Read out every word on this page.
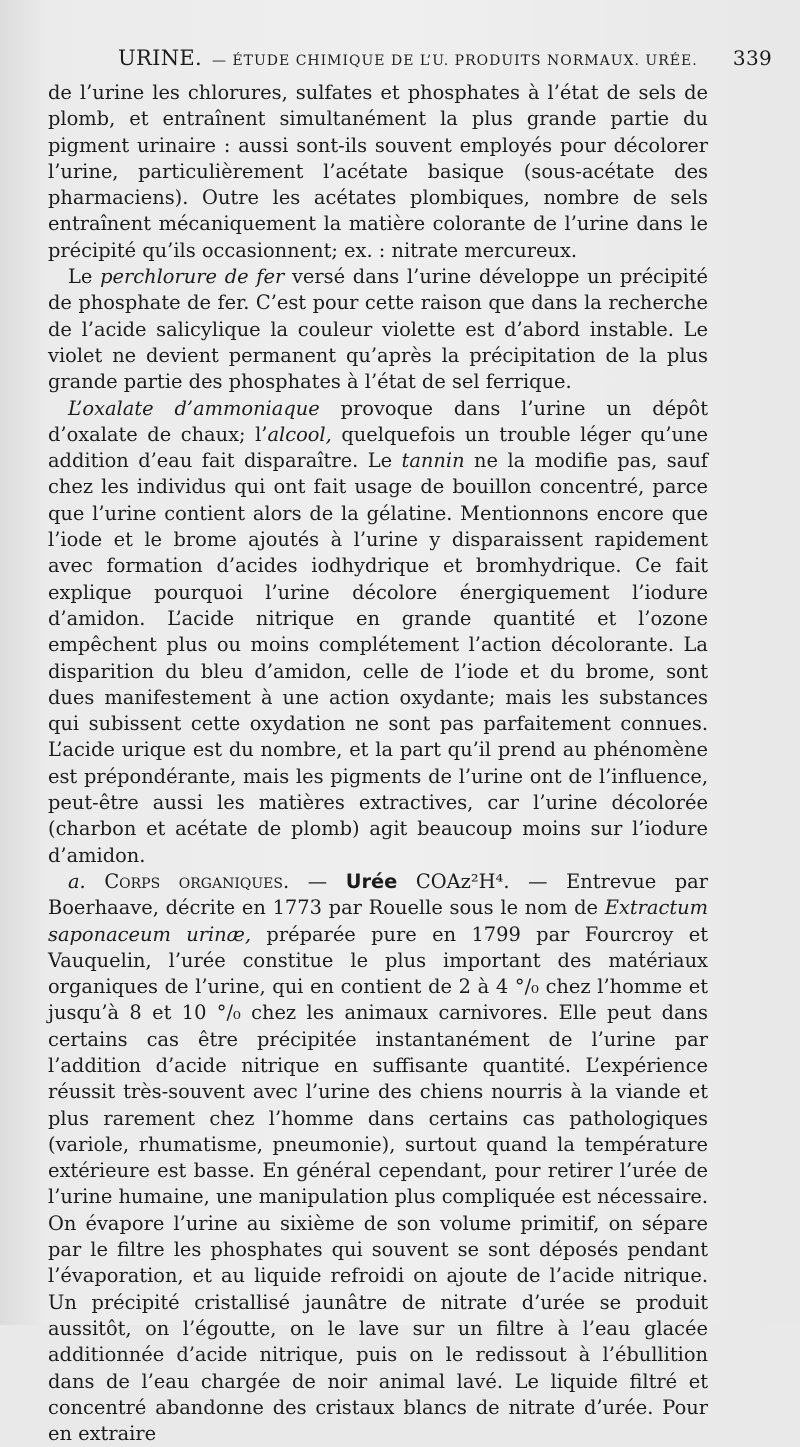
URINE. — ÉTUDE CHIMIQUE DE L’U. PRODUITS NORMAUX. URÉE.	339

de l’urine les chlorures, sulfates et phosphates à l’état de sels de plomb, et entraînent simultanément la plus grande partie du pigment urinaire : aussi sont-ils souvent employés pour décolorer l’urine, particulièrement l’acétate basique (sous-acétate des pharmaciens). Outre les acétates plombiques, nombre de sels entraînent mécaniquement la matière colorante de l’urine dans le précipité qu’ils occasionnent; ex. : nitrate mercureux.

Le perchlorure de fer versé dans l’urine développe un précipité de phosphate de fer. C’est pour cette raison que dans la recherche de l’acide salicylique la couleur violette est d’abord instable. Le violet ne devient permanent qu’après la précipitation de la plus grande partie des phosphates à l’état de sel ferrique.

L’oxalate d’ammoniaque provoque dans l’urine un dépôt d’oxalate de chaux; l’alcool, quelquefois un trouble léger qu’une addition d’eau fait disparaître. Le tannin ne la modifie pas, sauf chez les individus qui ont fait usage de bouillon concentré, parce que l’urine contient alors de la gélatine. Mentionnons encore que l’iode et le brome ajoutés à l’urine y disparaissent rapidement avec formation d’acides iodhydrique et bromhydrique. Ce fait explique pourquoi l’urine décolore énergiquement l’iodure d’amidon. L’acide nitrique en grande quantité et l’ozone empêchent plus ou moins complétement l’action décolorante. La disparition du bleu d’amidon, celle de l’iode et du brome, sont dues manifestement à une action oxydante; mais les substances qui subissent cette oxydation ne sont pas parfaitement connues. L’acide urique est du nombre, et la part qu’il prend au phénomène est prépondérante, mais les pigments de l’urine ont de l’influence, peut-être aussi les matières extractives, car l’urine décolorée (charbon et acétate de plomb) agit beaucoup moins sur l’iodure d’amidon.

a. Corps organiques. — Urée COAz²H⁴. — Entrevue par Boerhaave, décrite en 1773 par Rouelle sous le nom de Extractum saponaceum urinæ, préparée pure en 1799 par Fourcroy et Vauquelin, l’urée constitue le plus important des matériaux organiques de l’urine, qui en contient de 2 à 4 °/₀ chez l’homme et jusqu’à 8 et 10 °/₀ chez les animaux carnivores. Elle peut dans certains cas être précipitée instantanément de l’urine par l’addition d’acide nitrique en suffisante quantité. L’expérience réussit très-souvent avec l’urine des chiens nourris à la viande et plus rarement chez l’homme dans certains cas pathologiques (variole, rhumatisme, pneumonie), surtout quand la température extérieure est basse. En général cependant, pour retirer l’urée de l’urine humaine, une manipulation plus compliquée est nécessaire. On évapore l’urine au sixième de son volume primitif, on sépare par le filtre les phosphates qui souvent se sont déposés pendant l’évaporation, et au liquide refroidi on ajoute de l’acide nitrique. Un précipité cristallisé jaunâtre de nitrate d’urée se produit aussitôt, on l’égoutte, on le lave sur un filtre à l’eau glacée additionnée d’acide nitrique, puis on le redissout à l’ébullition dans de l’eau chargée de noir animal lavé. Le liquide filtré et concentré abandonne des cristaux blancs de nitrate d’urée. Pour en extraire
